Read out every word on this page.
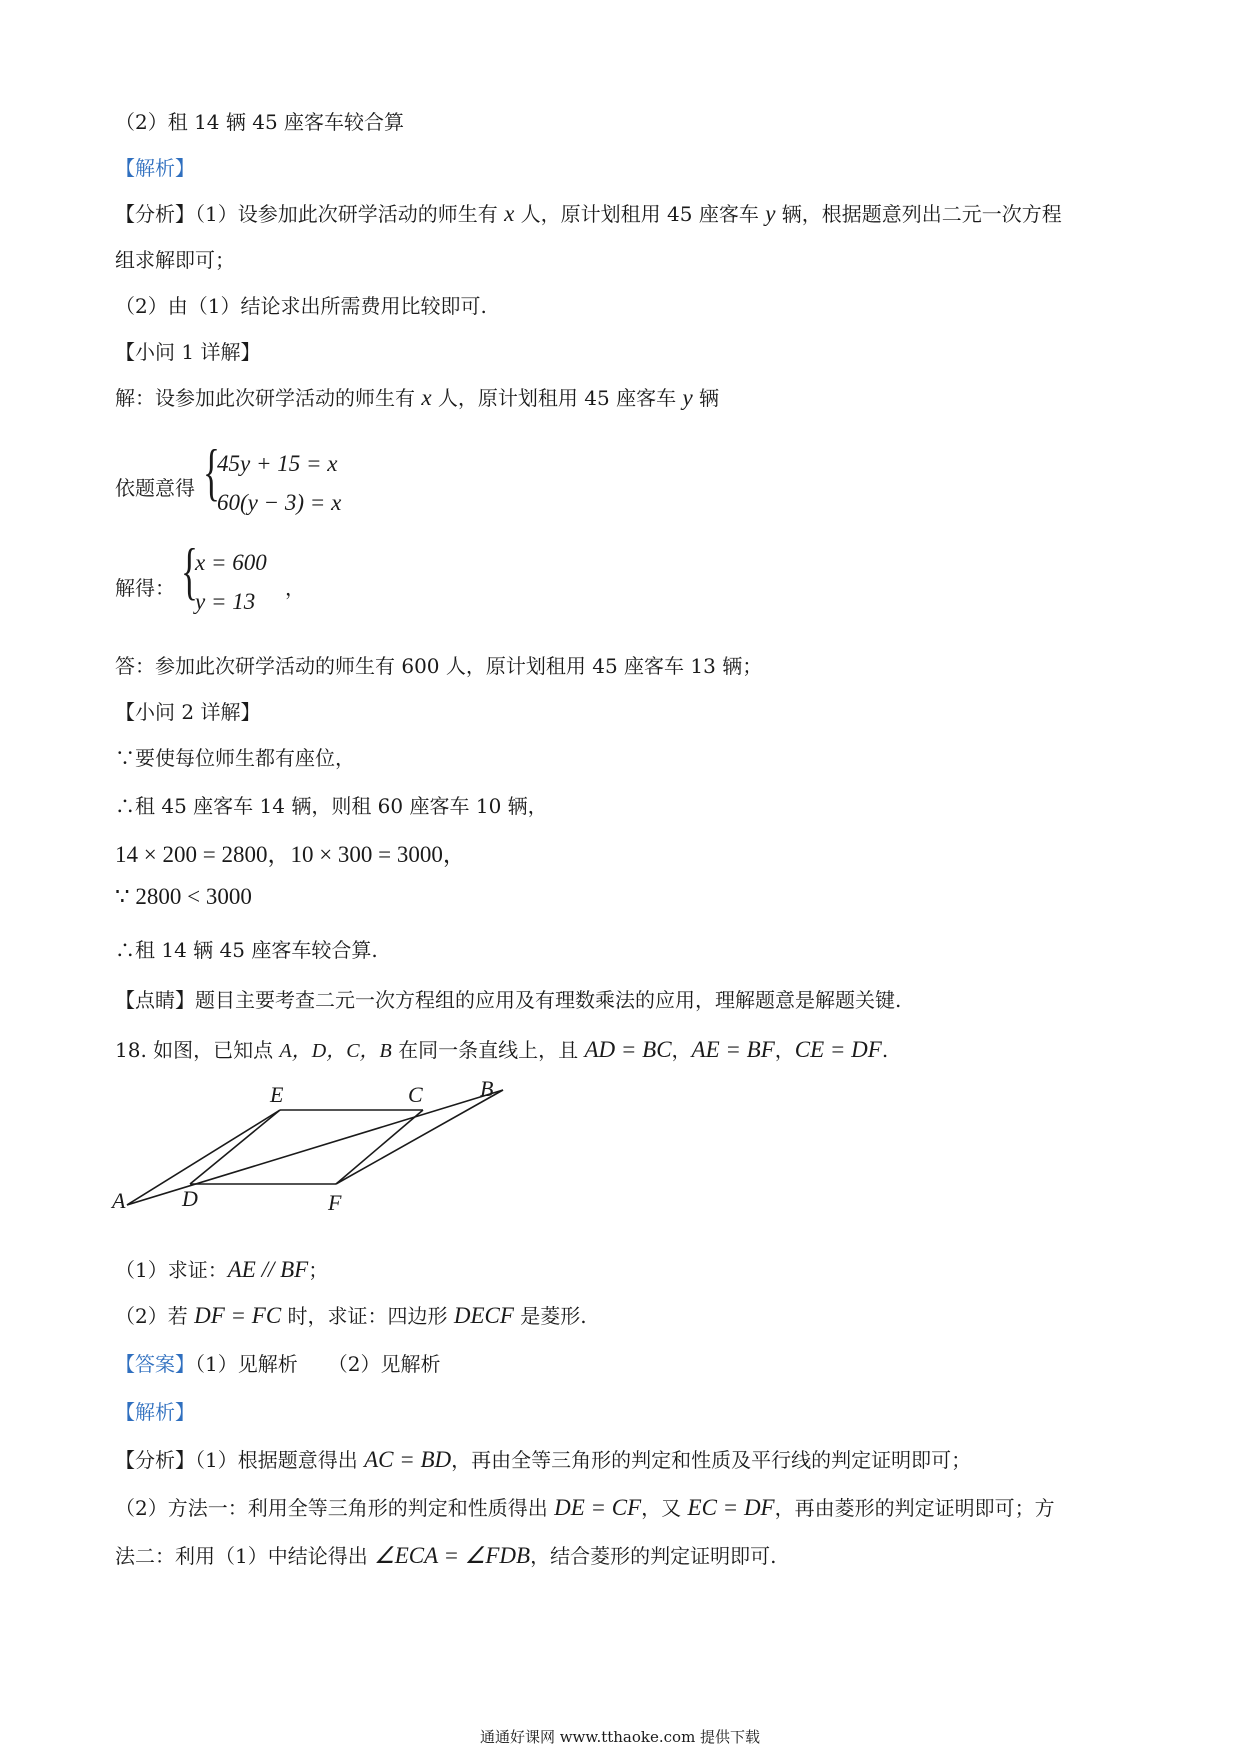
（2）租 14 辆 45 座客车较合算
【解析】
【分析】（1）设参加此次研学活动的师生有 x 人，原计划租用 45 座客车 y 辆，根据题意列出二元一次方程
组求解即可；
（2）由（1）结论求出所需费用比较即可.
【小问 1 详解】
解：设参加此次研学活动的师生有 x 人，原计划租用 45 座客车 y 辆
依题意得 {
45y + 15 = x
60(y − 3) = x
解得： {
x = 600
y = 13
，
答：参加此次研学活动的师生有 600 人，原计划租用 45 座客车 13 辆；
【小问 2 详解】
∵要使每位师生都有座位，
∴租 45 座客车 14 辆，则租 60 座客车 10 辆，
14 × 200 = 2800，10 × 300 = 3000，
∵ 2800 < 3000
∴租 14 辆 45 座客车较合算.
【点睛】题目主要考查二元一次方程组的应用及有理数乘法的应用，理解题意是解题关键.
18. 如图，已知点 A，D，C，B 在同一条直线上，且 AD = BC，AE = BF，CE = DF.
A	D	F
E	C	B
（1）求证：AE // BF；
（2）若 DF = FC 时，求证：四边形 DECF 是菱形.
【答案】（1）见解析　　（2）见解析
【解析】
【分析】（1）根据题意得出 AC = BD，再由全等三角形的判定和性质及平行线的判定证明即可；
（2）方法一：利用全等三角形的判定和性质得出 DE = CF，又 EC = DF，再由菱形的判定证明即可；方
法二：利用（1）中结论得出 ∠ECA = ∠FDB，结合菱形的判定证明即可.
通通好课网 www.tthaoke.com 提供下载
